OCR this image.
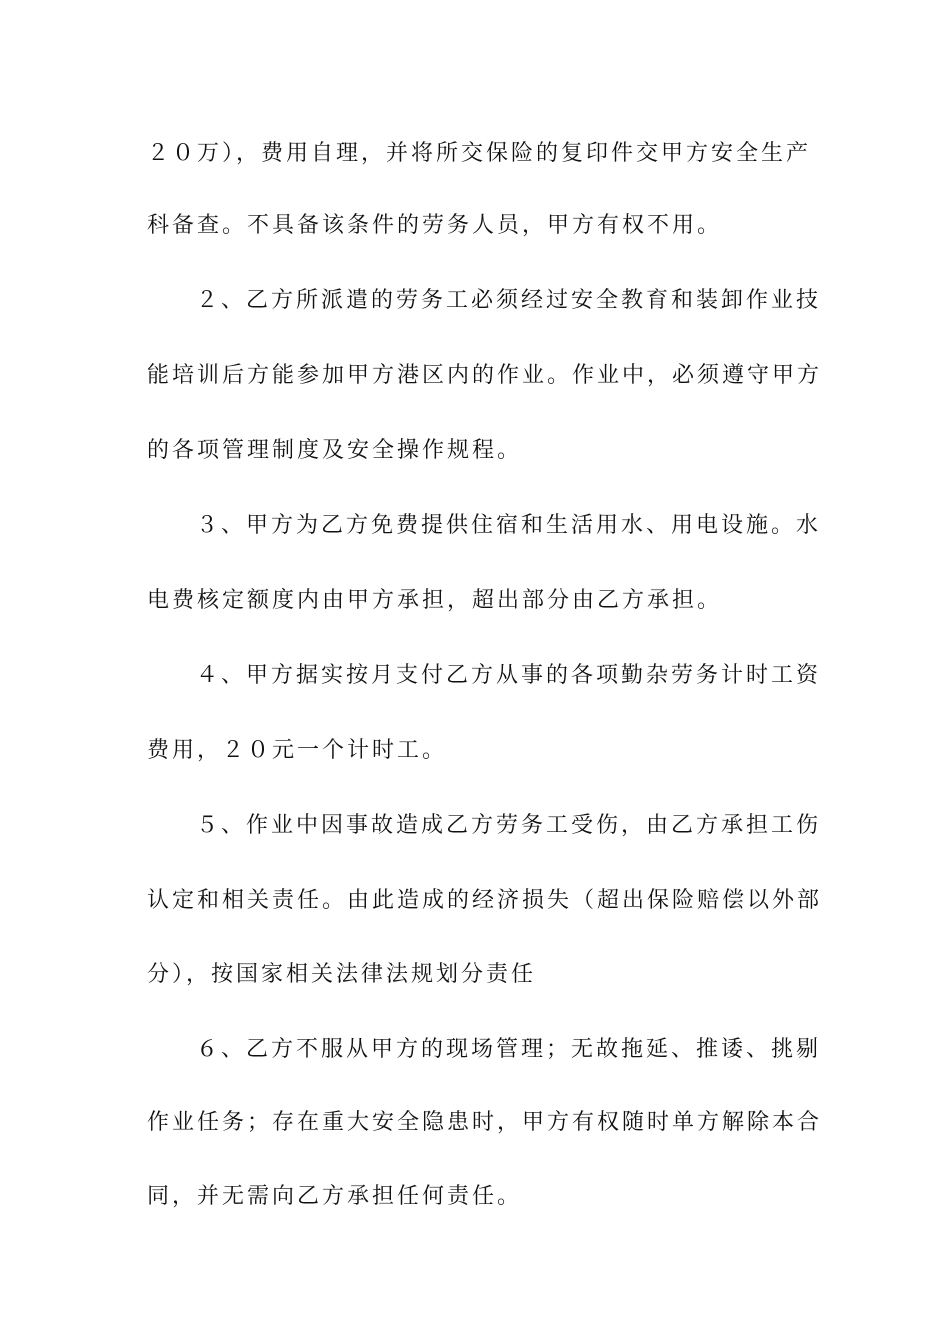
２０万），费用自理，并将所交保险的复印件交甲方安全生产
科备查。不具备该条件的劳务人员，甲方有权不用。
２、乙方所派遣的劳务工必须经过安全教育和装卸作业技
能培训后方能参加甲方港区内的作业。作业中，必须遵守甲方
的各项管理制度及安全操作规程。
３、甲方为乙方免费提供住宿和生活用水、用电设施。水
电费核定额度内由甲方承担，超出部分由乙方承担。
４、甲方据实按月支付乙方从事的各项勤杂劳务计时工资
费用，２０元一个计时工。
５、作业中因事故造成乙方劳务工受伤，由乙方承担工伤
认定和相关责任。由此造成的经济损失（超出保险赔偿以外部
分），按国家相关法律法规划分责任
６、乙方不服从甲方的现场管理；无故拖延、推诿、挑剔
作业任务；存在重大安全隐患时，甲方有权随时单方解除本合
同，并无需向乙方承担任何责任。
